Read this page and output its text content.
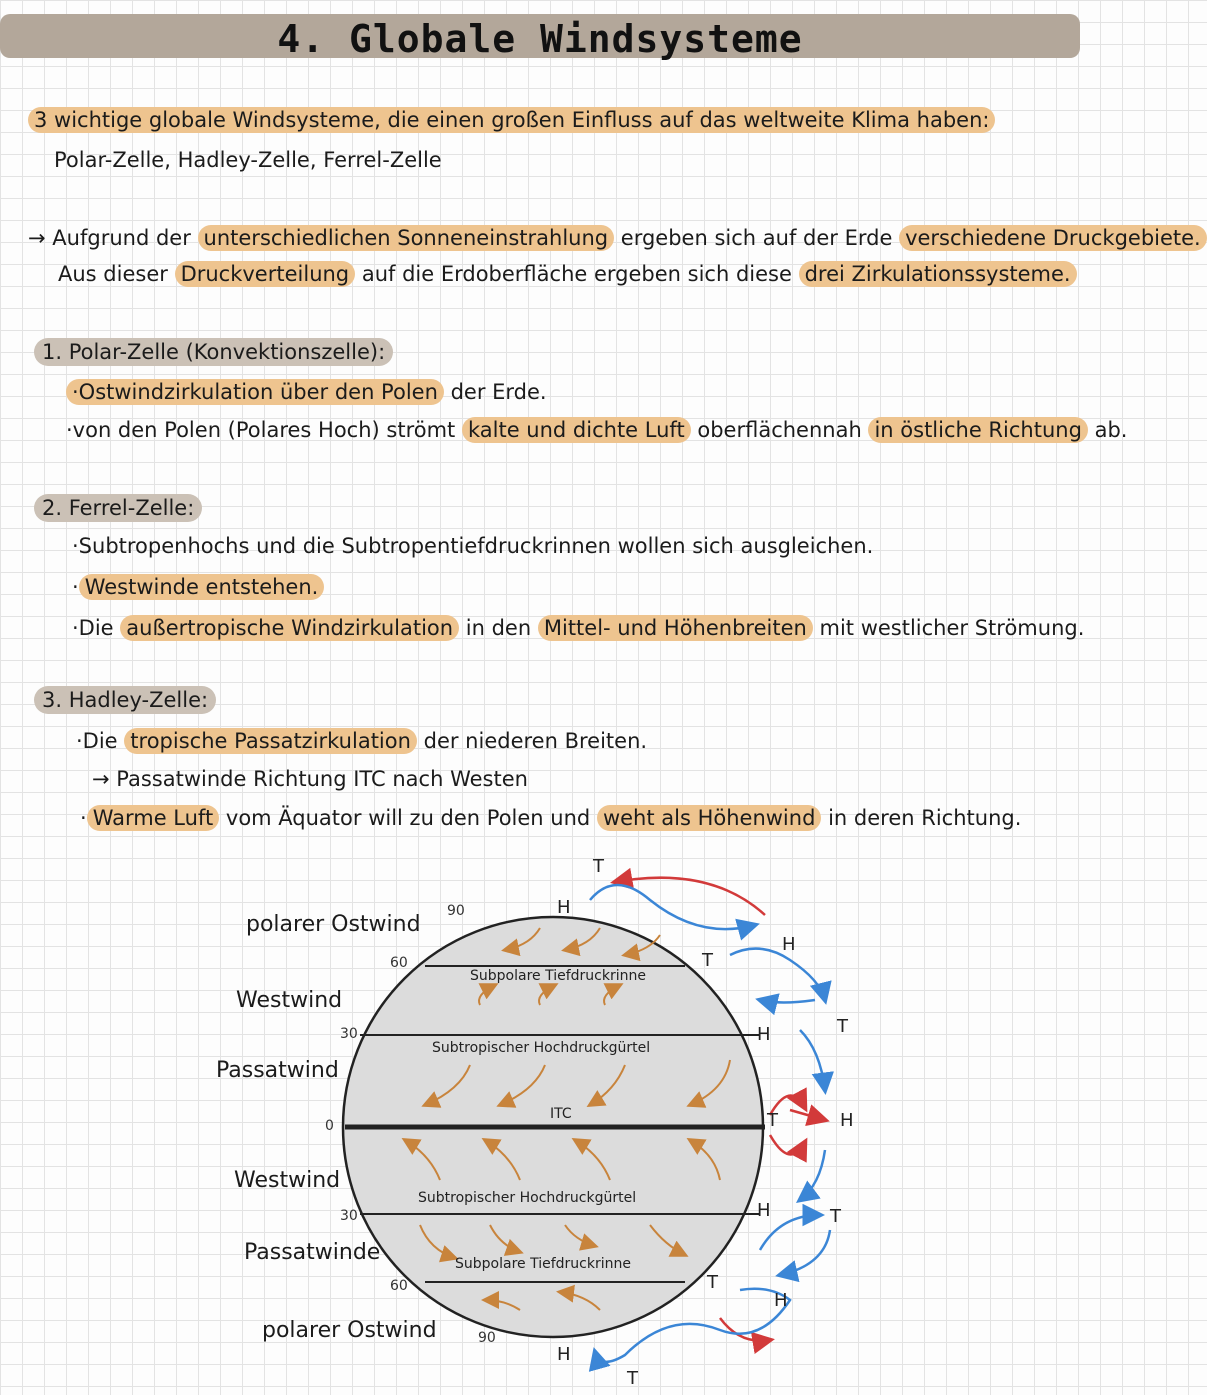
4. Globale Windsysteme
3 wichtige globale Windsysteme, die einen großen Einfluss auf das weltweite Klima haben:
Polar-Zelle, Hadley-Zelle, Ferrel-Zelle
→ Aufgrund der unterschiedlichen Sonneneinstrahlung ergeben sich auf der Erde verschiedene Druckgebiete.
Aus dieser Druckverteilung auf die Erdoberfläche ergeben sich diese drei Zirkulationssysteme.
1. Polar-Zelle (Konvektionszelle):
·Ostwindzirkulation über den Polen der Erde.
·von den Polen (Polares Hoch) strömt kalte und dichte Luft oberflächennah in östliche Richtung ab.
2. Ferrel-Zelle:
·Subtropenhochs und die Subtropentiefdruckrinnen wollen sich ausgleichen.
· Westwinde entstehen.
·Die außertropische Windzirkulation in den Mittel- und Höhenbreiten mit westlicher Strömung.
3. Hadley-Zelle:
·Die tropische Passatzirkulation der niederen Breiten.
→ Passatwinde Richtung ITC nach Westen
· Warme Luft vom Äquator will zu den Polen und weht als Höhenwind in deren Richtung.
polarer Ostwind
Westwind
Passatwind
Westwind
Passatwinde
polarer Ostwind
90
60
30
0
30
60
90
Subpolare Tiefdruckrinne
Subtropischer Hochdruckgürtel
ITC
Subtropischer Hochdruckgürtel
Subpolare Tiefdruckrinne
T
H
T
H
H	T
T	H
H	T
H
T
H
T
